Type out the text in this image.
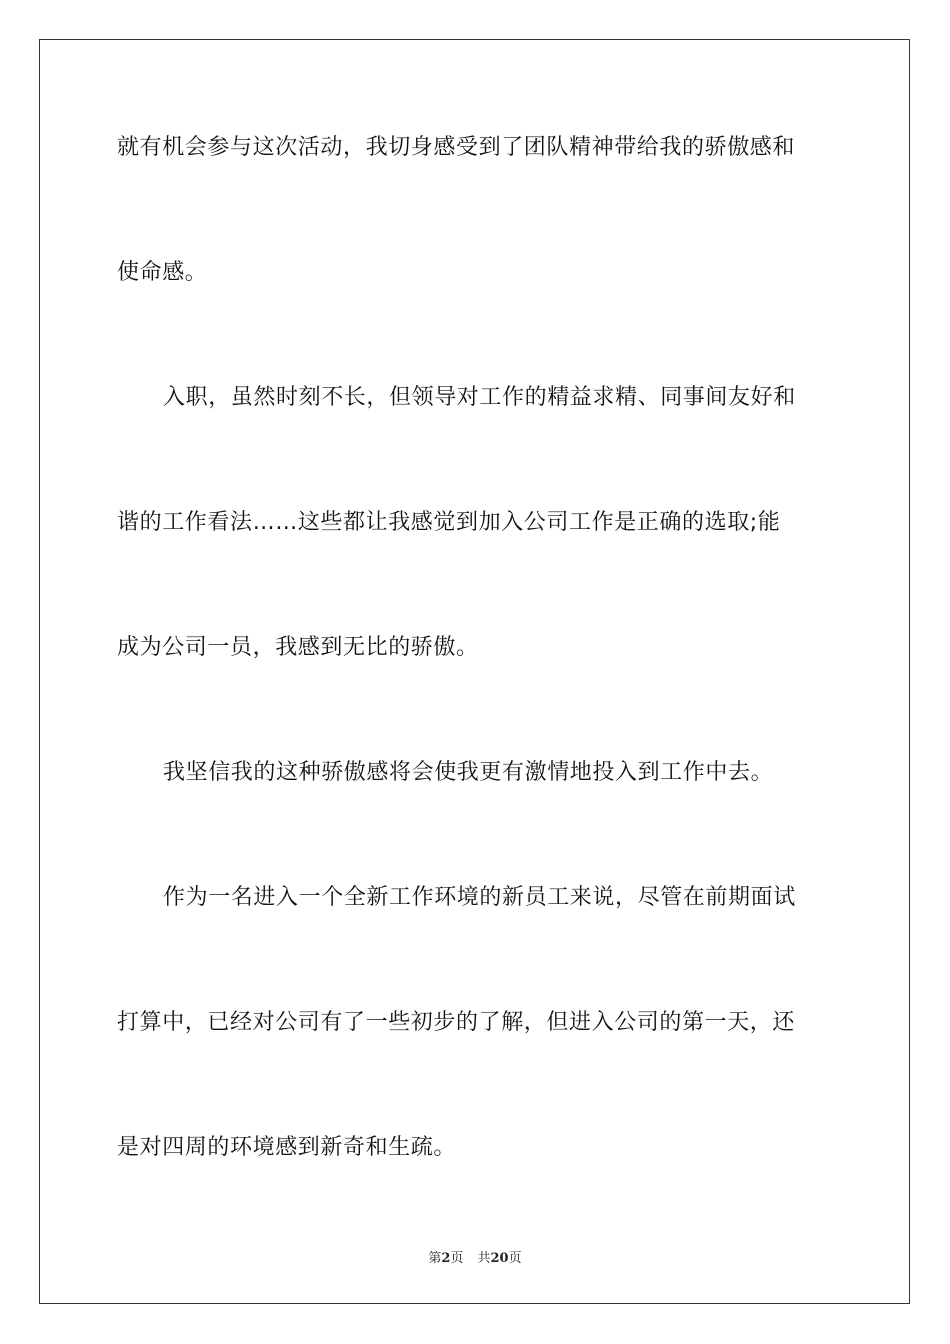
就有机会参与这次活动，我切身感受到了团队精神带给我的骄傲感和
使命感。
入职，虽然时刻不长，但领导对工作的精益求精、同事间友好和
谐的工作看法……这些都让我感觉到加入公司工作是正确的选取;能
成为公司一员，我感到无比的骄傲。
我坚信我的这种骄傲感将会使我更有激情地投入到工作中去。
作为一名进入一个全新工作环境的新员工来说，尽管在前期面试
打算中，已经对公司有了一些初步的了解，但进入公司的第一天，还
是对四周的环境感到新奇和生疏。
第2页 共20页
